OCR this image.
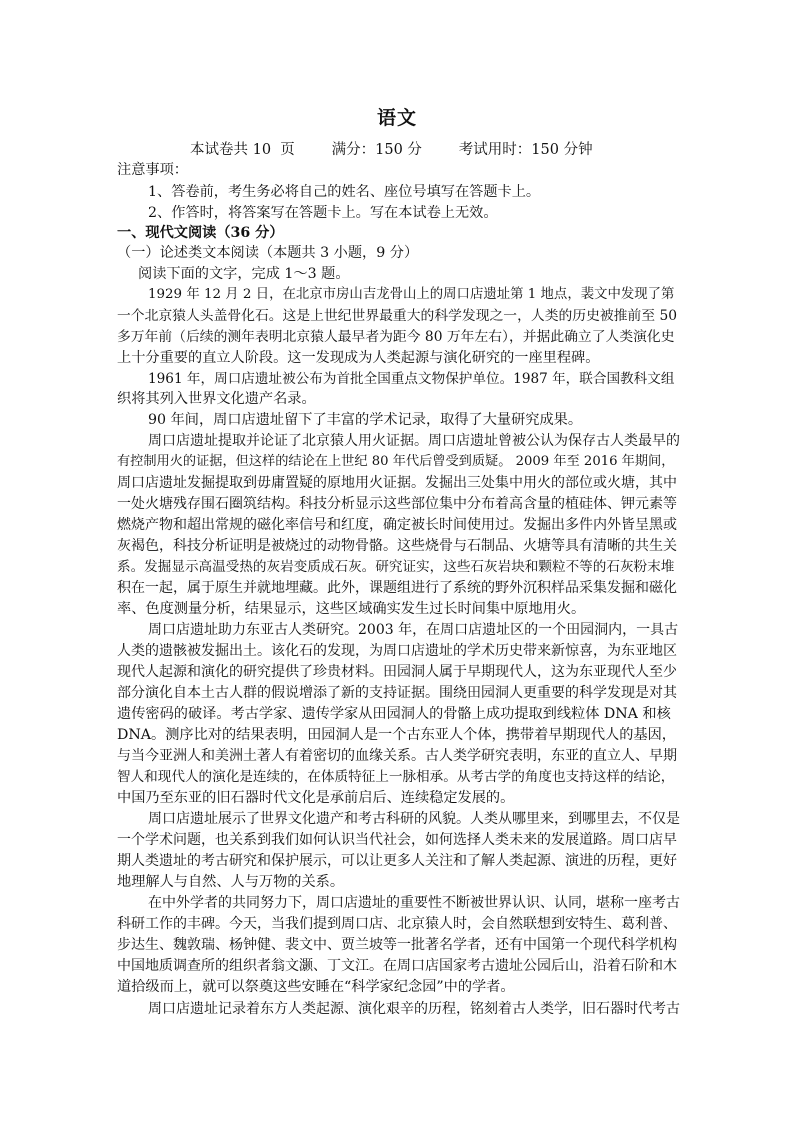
语文
本试卷共 10  页        满分：150 分        考试用时：150 分钟
注意事项：
1、答卷前，考生务必将自己的姓名、座位号填写在答题卡上。
2、作答时，将答案写在答题卡上。写在本试卷上无效。
一、现代文阅读（36 分）
（一）论述类文本阅读（本题共 3 小题，9 分）
阅读下面的文字，完成 1～3 题。
1929 年 12 月 2 日，在北京市房山吉龙骨山上的周口店遗址第 1 地点，裴文中发现了第
一个北京猿人头盖骨化石。这是上世纪世界最重大的科学发现之一，人类的历史被推前至 50
多万年前（后续的测年表明北京猿人最早者为距今 80 万年左右），并据此确立了人类演化史
上十分重要的直立人阶段。这一发现成为人类起源与演化研究的一座里程碑。
1961 年，周口店遗址被公布为首批全国重点文物保护单位。1987 年，联合国教科文组
织将其列入世界文化遗产名录。
90 年间，周口店遗址留下了丰富的学术记录，取得了大量研究成果。
周口店遗址提取并论证了北京猿人用火证据。周口店遗址曾被公认为保存古人类最早的
有控制用火的证据，但这样的结论在上世纪 80 年代后曾受到质疑。 2009 年至 2016 年期间，
周口店遗址发掘提取到毋庸置疑的原地用火证据。发掘出三处集中用火的部位或火塘，其中
一处火塘残存围石圈筑结构。科技分析显示这些部位集中分布着高含量的植硅体、钾元素等
燃烧产物和超出常规的磁化率信号和红度，确定被长时间使用过。发掘出多件内外皆呈黑或
灰褐色，科技分析证明是被烧过的动物骨骼。这些烧骨与石制品、火塘等具有清晰的共生关
系。发掘显示高温受热的灰岩变质成石灰。研究证实，这些石灰岩块和颗粒不等的石灰粉末堆
积在一起，属于原生并就地埋藏。此外，课题组进行了系统的野外沉积样品采集发掘和磁化
率、色度测量分析，结果显示，这些区域确实发生过长时间集中原地用火。
周口店遗址助力东亚古人类研究。2003 年，在周口店遗址区的一个田园洞内，一具古
人类的遗骸被发掘出土。该化石的发现，为周口店遗址的学术历史带来新惊喜，为东亚地区
现代人起源和演化的研究提供了珍贵材料。田园洞人属于早期现代人，这为东亚现代人至少
部分演化自本土古人群的假说增添了新的支持证据。围绕田园洞人更重要的科学发现是对其
遗传密码的破译。考古学家、遗传学家从田园洞人的骨骼上成功提取到线粒体 DNA 和核
DNA。测序比对的结果表明，田园洞人是一个古东亚人个体，携带着早期现代人的基因，
与当今亚洲人和美洲土著人有着密切的血缘关系。古人类学研究表明，东亚的直立人、早期
智人和现代人的演化是连续的，在体质特征上一脉相承。从考古学的角度也支持这样的结论，
中国乃至东亚的旧石器时代文化是承前启后、连续稳定发展的。
周口店遗址展示了世界文化遗产和考古科研的风貌。人类从哪里来，到哪里去，不仅是
一个学术问题，也关系到我们如何认识当代社会，如何选择人类未来的发展道路。周口店早
期人类遗址的考古研究和保护展示，可以让更多人关注和了解人类起源、演进的历程，更好
地理解人与自然、人与万物的关系。
在中外学者的共同努力下，周口店遗址的重要性不断被世界认识、认同，堪称一座考古
科研工作的丰碑。今天，当我们提到周口店、北京猿人时，会自然联想到安特生、葛利普、
步达生、魏敦瑞、杨钟健、裴文中、贾兰坡等一批著名学者，还有中国第一个现代科学机构
中国地质调查所的组织者翁文灏、丁文江。在周口店国家考古遗址公园后山，沿着石阶和木
道拾级而上，就可以祭奠这些安睡在“科学家纪念园”中的学者。
周口店遗址记录着东方人类起源、演化艰辛的历程，铭刻着古人类学，旧石器时代考古
